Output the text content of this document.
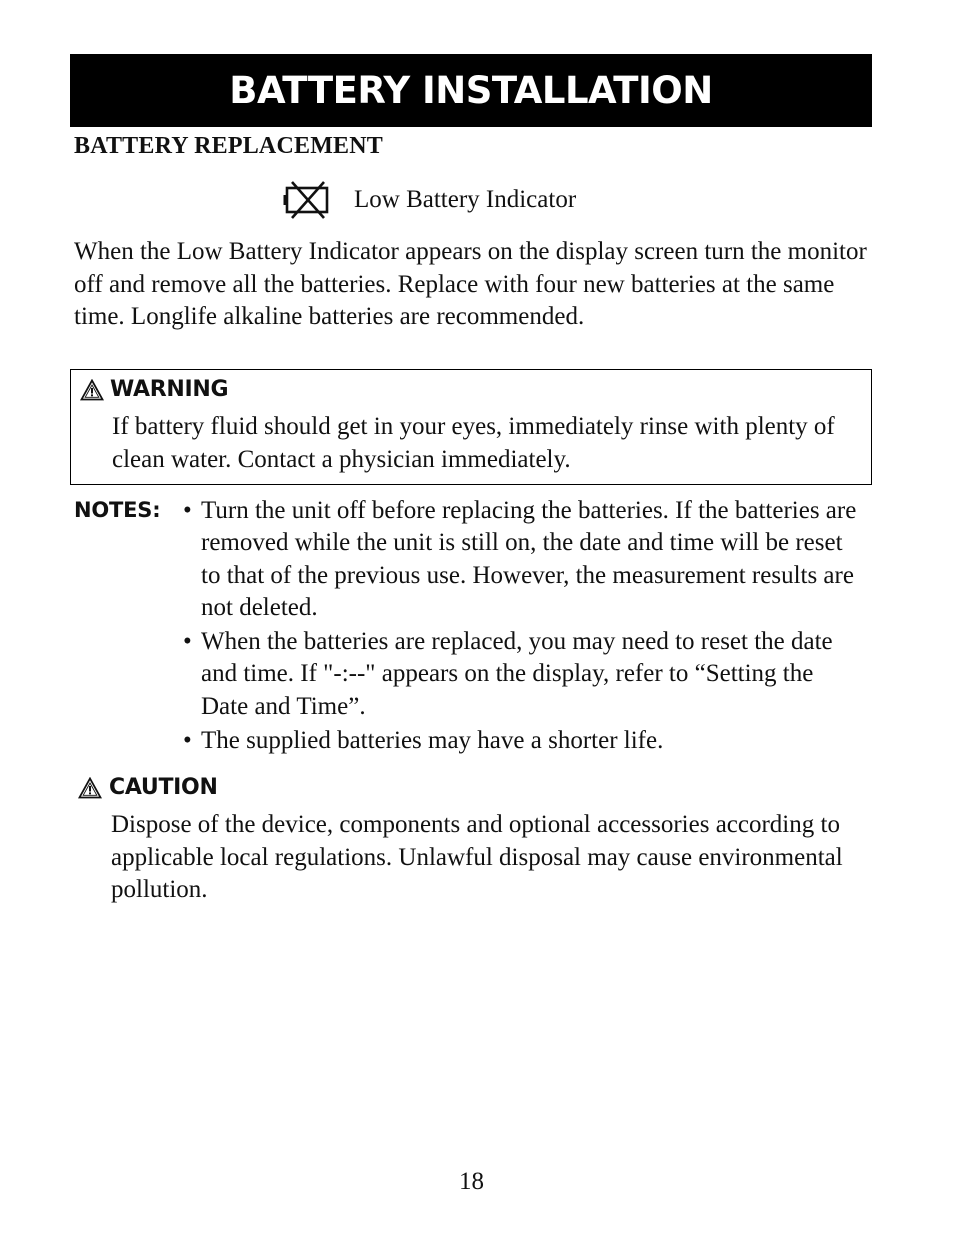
BATTERY INSTALLATION
BATTERY REPLACEMENT
Low Battery Indicator

When the Low Battery Indicator appears on the display screen turn the monitor off and remove all the batteries. Replace with four new batteries at the same time. Longlife alkaline batteries are recommended.

WARNING

If battery fluid should get in your eyes, immediately rinse with plenty of clean water. Contact a physician immediately.

NOTES: • Turn the unit off before replacing the batteries. If the batteries are removed while the unit is still on, the date and time will be reset to that of the previous use. However, the measurement results are not deleted.
• When the batteries are replaced, you may need to reset the date and time. If "-:--" appears on the display, refer to “Setting the Date and Time”.
• The supplied batteries may have a shorter life.
CAUTION

Dispose of the device, components and optional accessories according to applicable local regulations. Unlawful disposal may cause environmental pollution.

18
